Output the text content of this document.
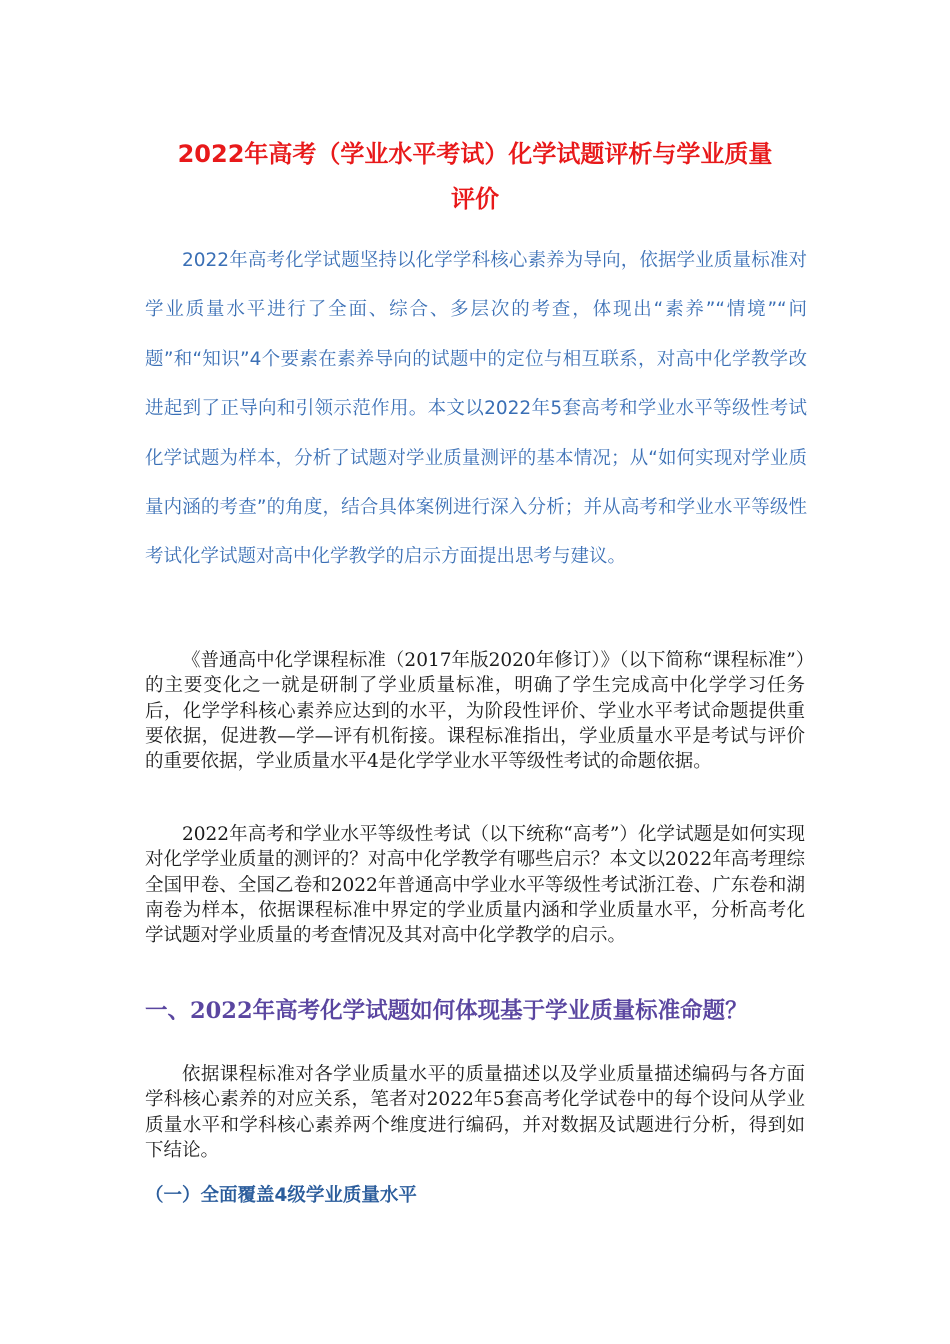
2022年高考（学业水平考试）化学试题评析与学业质量
评价

2022年高考化学试题坚持以化学学科核心素养为导向，依据学业质量标准对学业质量水平进行了全面、综合、多层次的考查，体现出“素养”“情境”“问题”和“知识”4个要素在素养导向的试题中的定位与相互联系，对高中化学教学改进起到了正导向和引领示范作用。本文以2022年5套高考和学业水平等级性考试化学试题为样本，分析了试题对学业质量测评的基本情况；从“如何实现对学业质量内涵的考查”的角度，结合具体案例进行深入分析；并从高考和学业水平等级性考试化学试题对高中化学教学的启示方面提出思考与建议。

《普通高中化学课程标准（2017年版2020年修订）》（以下简称“课程标准”）的主要变化之一就是研制了学业质量标准，明确了学生完成高中化学学习任务后，化学学科核心素养应达到的水平，为阶段性评价、学业水平考试命题提供重要依据，促进教—学—评有机衔接。课程标准指出，学业质量水平是考试与评价的重要依据，学业质量水平4是化学学业水平等级性考试的命题依据。

2022年高考和学业水平等级性考试（以下统称“高考”）化学试题是如何实现对化学学业质量的测评的？对高中化学教学有哪些启示？本文以2022年高考理综全国甲卷、全国乙卷和2022年普通高中学业水平等级性考试浙江卷、广东卷和湖南卷为样本，依据课程标准中界定的学业质量内涵和学业质量水平，分析高考化学试题对学业质量的考查情况及其对高中化学教学的启示。

一、2022年高考化学试题如何体现基于学业质量标准命题？

依据课程标准对各学业质量水平的质量描述以及学业质量描述编码与各方面学科核心素养的对应关系，笔者对2022年5套高考化学试卷中的每个设问从学业质量水平和学科核心素养两个维度进行编码，并对数据及试题进行分析，得到如下结论。

（一）全面覆盖4级学业质量水平
